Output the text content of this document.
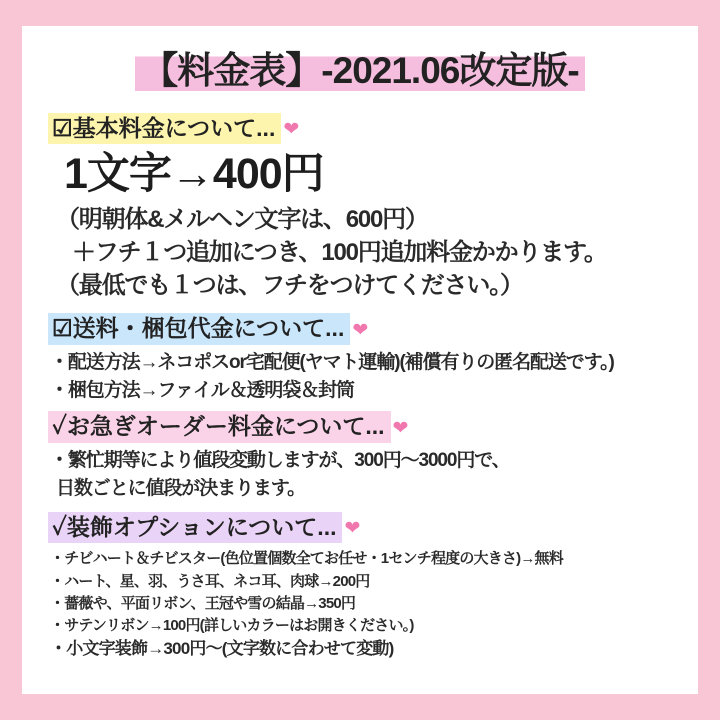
【料金表】-2021.06改定版-
☑基本料金について... ❤
1文字→400円
（明朝体&メルヘン文字は、600円）
＋フチ１つ追加につき、100円追加料金かかります。
（最低でも１つは、フチをつけてください。）
☑送料・梱包代金について... ❤
・配送方法→ネコポスor宅配便(ヤマト運輸)(補償有りの匿名配送です。)
・梱包方法→ファイル＆透明袋＆封筒
✓お急ぎオーダー料金について... ❤
・繁忙期等により値段変動しますが、300円〜3000円で、
日数ごとに値段が決まります。
✓装飾オプションについて... ❤
・チビハート＆チビスター(色位置個数全てお任せ・1センチ程度の大きさ)→無料
・ハート、星、羽、うさ耳、ネコ耳、肉球→200円
・薔薇や、平面リボン、王冠や雪の結晶→350円
・サテンリボン→100円(詳しいカラーはお開きください。)
・小文字装飾→300円〜(文字数に合わせて変動)
